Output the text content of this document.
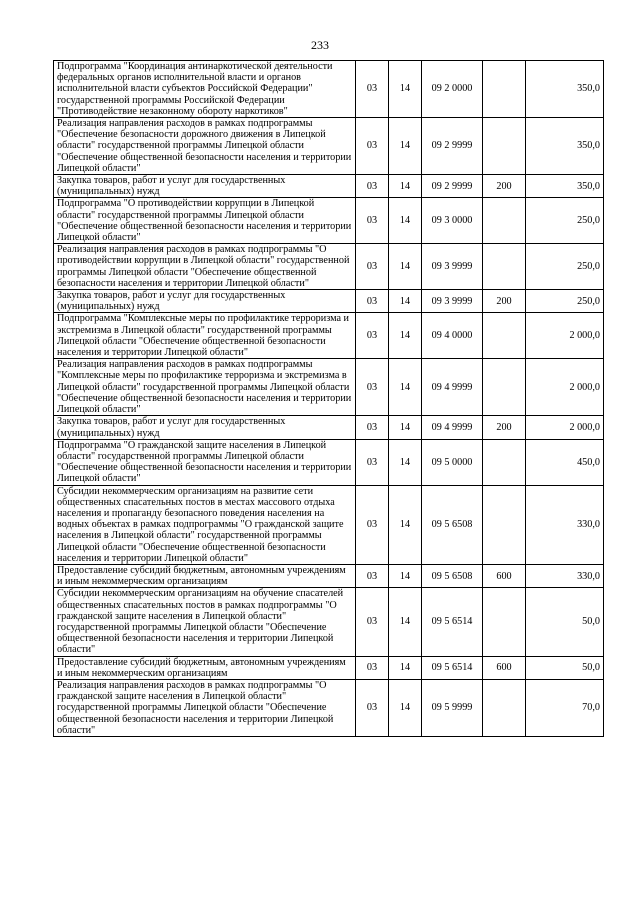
233
Подпрограмма "Координация антинаркотической деятельности федеральных органов исполнительной власти и органов исполнительной власти субъектов Российской Федерации" государственной программы Российской Федерации "Противодействие незаконному обороту наркотиков"	03	14	09 2 0000		350,0
Реализация направления расходов в рамках подпрограммы "Обеспечение безопасности дорожного движения в Липецкой области" государственной программы Липецкой области "Обеспечение общественной безопасности населения и территории Липецкой области"	03	14	09 2 9999		350,0
Закупка товаров, работ и услуг для государственных (муниципальных) нужд	03	14	09 2 9999	200	350,0
Подпрограмма "О противодействии коррупции в Липецкой области" государственной программы Липецкой области "Обеспечение общественной безопасности населения и территории Липецкой области"	03	14	09 3 0000		250,0
Реализация направления расходов в рамках подпрограммы "О противодействии коррупции в Липецкой области" государственной программы Липецкой области "Обеспечение общественной безопасности населения и территории Липецкой области"	03	14	09 3 9999		250,0
Закупка товаров, работ и услуг для государственных (муниципальных) нужд	03	14	09 3 9999	200	250,0
Подпрограмма "Комплексные меры по профилактике терроризма и экстремизма в Липецкой области" государственной программы Липецкой области "Обеспечение общественной безопасности населения и территории Липецкой области"	03	14	09 4 0000		2 000,0
Реализация направления расходов в рамках подпрограммы "Комплексные меры по профилактике терроризма и экстремизма в Липецкой области" государственной программы Липецкой области "Обеспечение общественной безопасности населения и территории Липецкой области"	03	14	09 4 9999		2 000,0
Закупка товаров, работ и услуг для государственных (муниципальных) нужд	03	14	09 4 9999	200	2 000,0
Подпрограмма "О гражданской защите населения в Липецкой области" государственной программы Липецкой области "Обеспечение общественной безопасности населения и территории Липецкой области"	03	14	09 5 0000		450,0
Субсидии некоммерческим организациям на развитие сети общественных спасательных постов в местах массового отдыха населения и пропаганду безопасного поведения населения на водных объектах в рамках подпрограммы "О гражданской защите населения в Липецкой области" государственной программы Липецкой области "Обеспечение общественной безопасности населения и территории Липецкой области"	03	14	09 5 6508		330,0
Предоставление субсидий бюджетным, автономным учреждениям и иным некоммерческим организациям	03	14	09 5 6508	600	330,0
Субсидии некоммерческим организациям на обучение спасателей общественных спасательных постов в рамках подпрограммы "О гражданской защите населения в Липецкой области" государственной программы Липецкой области "Обеспечение общественной безопасности населения и территории Липецкой области"	03	14	09 5 6514		50,0
Предоставление субсидий бюджетным, автономным учреждениям и иным некоммерческим организациям	03	14	09 5 6514	600	50,0
Реализация направления расходов в рамках подпрограммы "О гражданской защите населения в Липецкой области" государственной программы Липецкой области "Обеспечение общественной безопасности населения и территории Липецкой области"	03	14	09 5 9999		70,0
